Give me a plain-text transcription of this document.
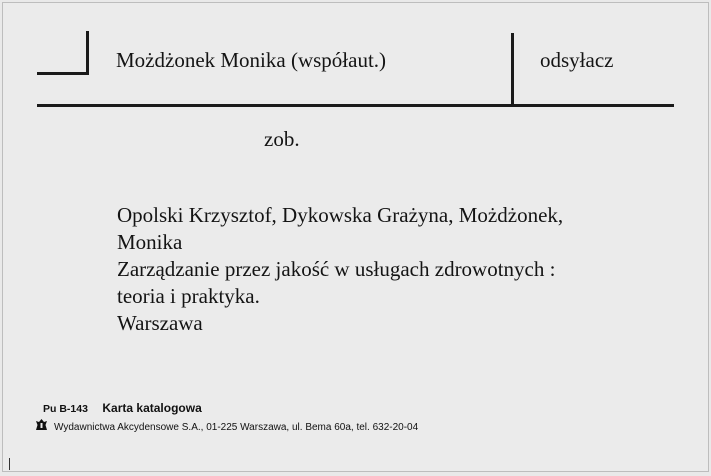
Możdżonek Monika (współaut.)	odsyłacz
zob.
Opolski Krzysztof, Dykowska Grażyna, Możdżonek,
Monika
Zarządzanie przez jakość w usługach zdrowotnych :
teoria i praktyka.
Warszawa
Pu B-143 Karta katalogowa
Wydawnictwa Akcydensowe S.A., 01-225 Warszawa, ul. Bema 60a, tel. 632-20-04
